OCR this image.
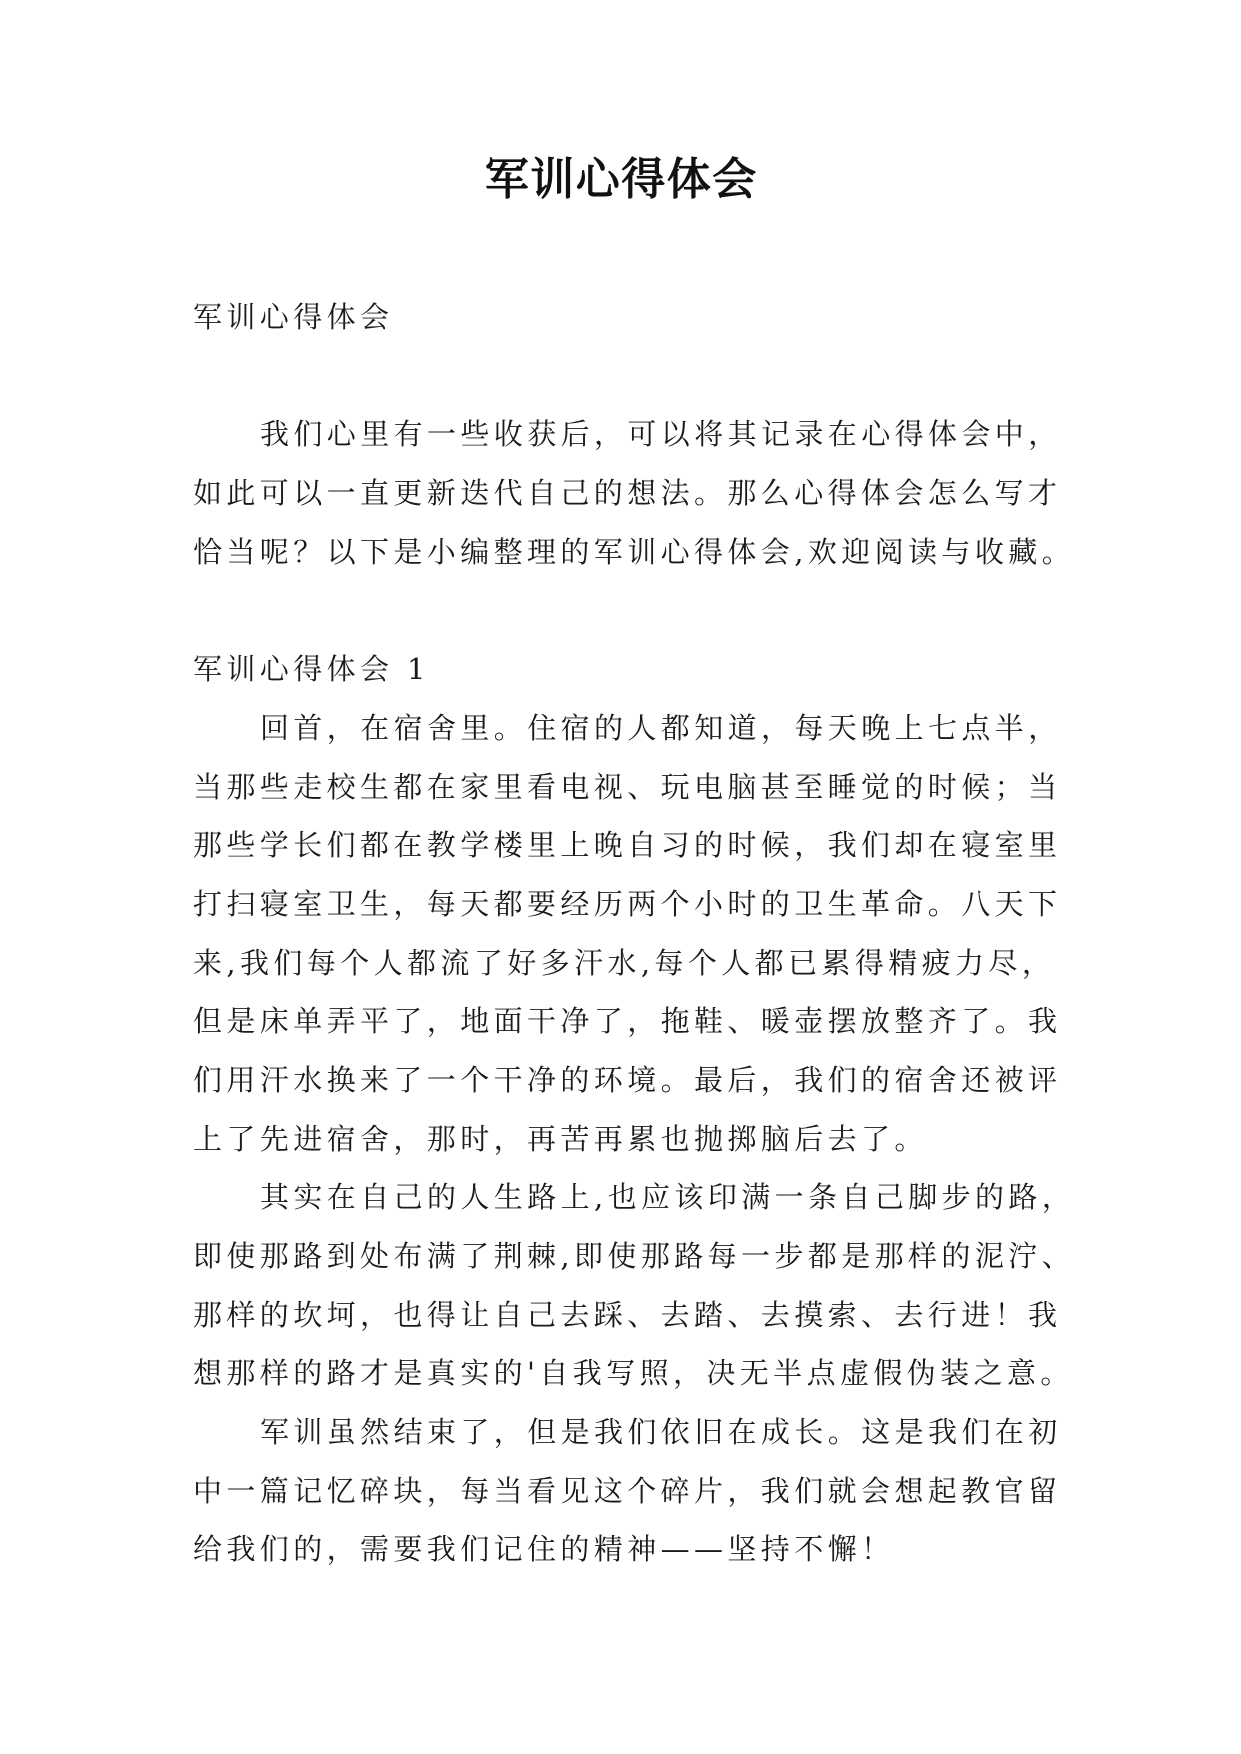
军训心得体会
军训心得体会
我们心里有一些收获后，可以将其记录在心得体会中，
如此可以一直更新迭代自己的想法。那么心得体会怎么写才
恰当呢？以下是小编整理的军训心得体会,欢迎阅读与收藏。
军训心得体会 1
回首，在宿舍里。住宿的人都知道，每天晚上七点半，
当那些走校生都在家里看电视、玩电脑甚至睡觉的时候；当
那些学长们都在教学楼里上晚自习的时候，我们却在寝室里
打扫寝室卫生，每天都要经历两个小时的卫生革命。八天下
来,我们每个人都流了好多汗水,每个人都已累得精疲力尽，
但是床单弄平了，地面干净了，拖鞋、暖壶摆放整齐了。我
们用汗水换来了一个干净的环境。最后，我们的宿舍还被评
上了先进宿舍，那时，再苦再累也抛掷脑后去了。
其实在自己的人生路上,也应该印满一条自己脚步的路，
即使那路到处布满了荆棘,即使那路每一步都是那样的泥泞、
那样的坎坷，也得让自己去踩、去踏、去摸索、去行进！我
想那样的路才是真实的'自我写照，决无半点虚假伪装之意。
军训虽然结束了，但是我们依旧在成长。这是我们在初
中一篇记忆碎块，每当看见这个碎片，我们就会想起教官留
给我们的，需要我们记住的精神——坚持不懈！
